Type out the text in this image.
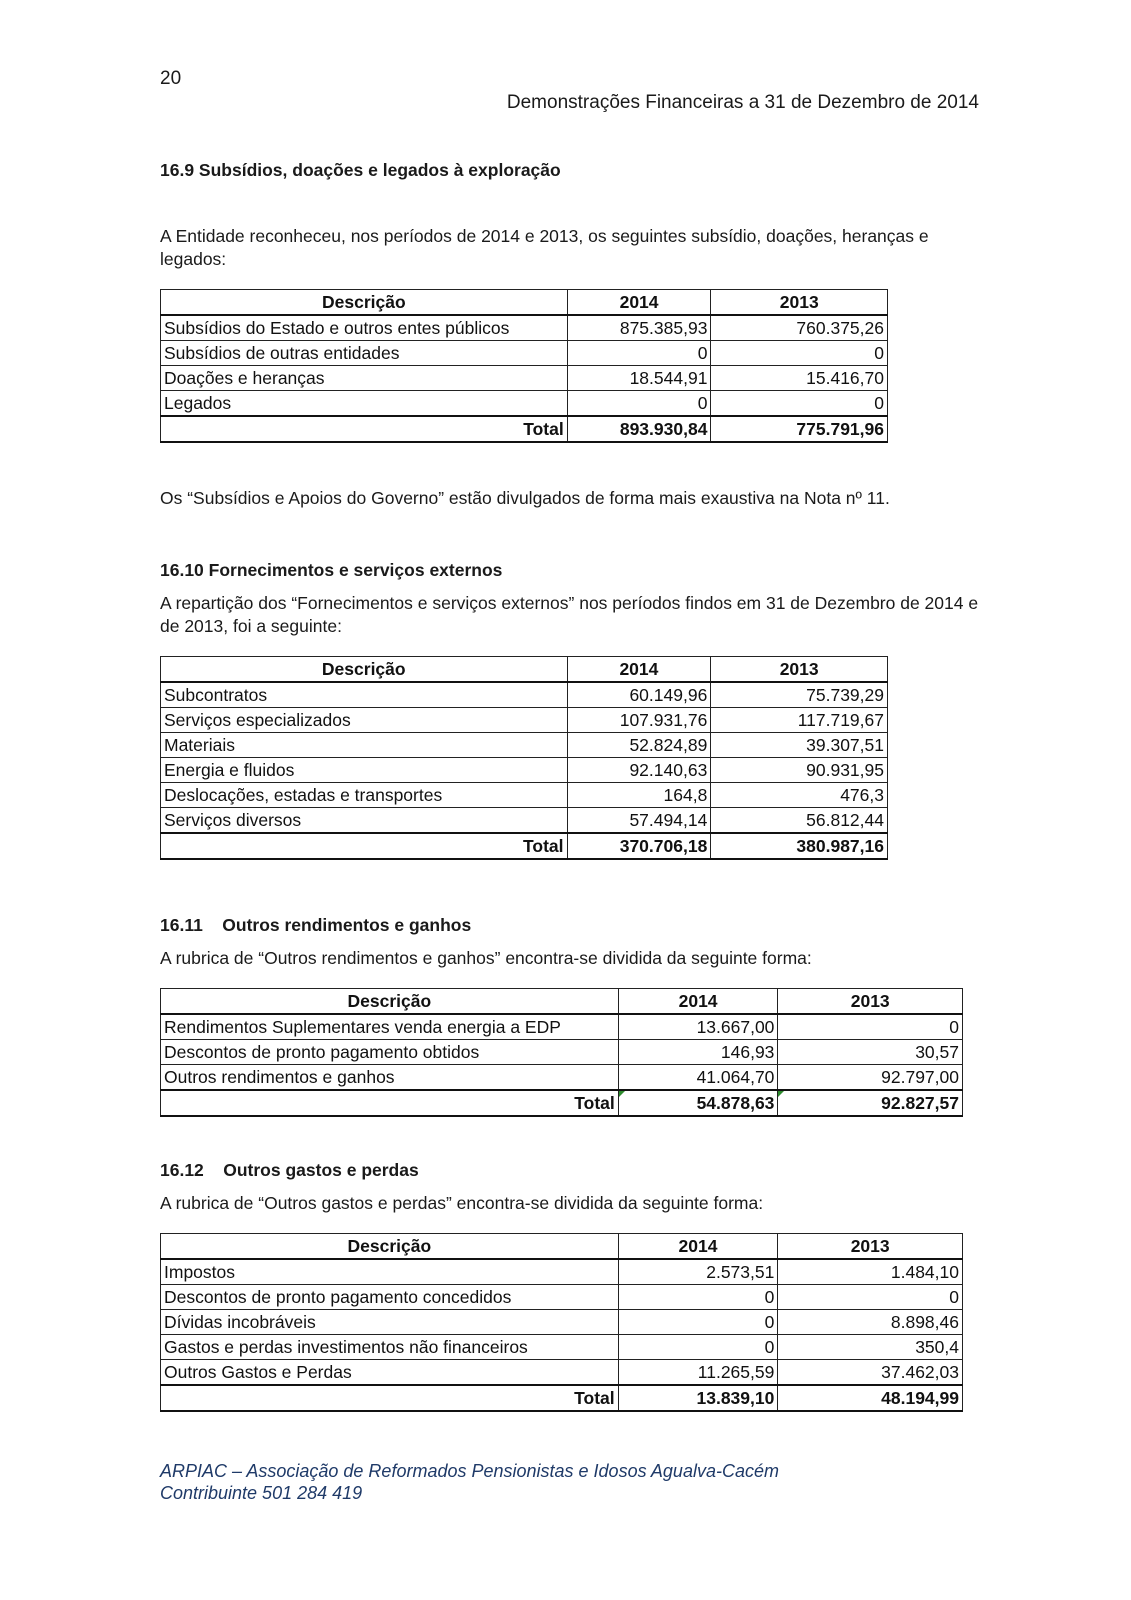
20
Demonstrações Financeiras a 31 de Dezembro de 2014
16.9 Subsídios, doações e legados à exploração
A Entidade reconheceu, nos períodos de 2014 e 2013, os seguintes subsídio, doações, heranças e legados:
Descrição	2014	2013
Subsídios do Estado e outros entes públicos	875.385,93	760.375,26
Subsídios de outras entidades	0	0
Doações e heranças	18.544,91	15.416,70
Legados	0	0
Total	893.930,84	775.791,96
Os “Subsídios e Apoios do Governo” estão divulgados de forma mais exaustiva na Nota nº 11.
16.10 Fornecimentos e serviços externos
A repartição dos “Fornecimentos e serviços externos” nos períodos findos em 31 de Dezembro de 2014 e de 2013, foi a seguinte:
Descrição	2014	2013
Subcontratos	60.149,96	75.739,29
Serviços especializados	107.931,76	117.719,67
Materiais	52.824,89	39.307,51
Energia e fluidos	92.140,63	90.931,95
Deslocações, estadas e transportes	164,8	476,3
Serviços diversos	57.494,14	56.812,44
Total	370.706,18	380.987,16
16.11    Outros rendimentos e ganhos
A rubrica de “Outros rendimentos e ganhos” encontra-se dividida da seguinte forma:
Descrição	2014	2013
Rendimentos Suplementares venda energia a EDP	13.667,00	0
Descontos de pronto pagamento obtidos	146,93	30,57
Outros rendimentos e ganhos	41.064,70	92.797,00
Total	54.878,63	92.827,57
16.12    Outros gastos e perdas
A rubrica de “Outros gastos e perdas” encontra-se dividida da seguinte forma:
Descrição	2014	2013
Impostos	2.573,51	1.484,10
Descontos de pronto pagamento concedidos	0	0
Dívidas incobráveis	0	8.898,46
Gastos e perdas investimentos não financeiros	0	350,4
Outros Gastos e Perdas	11.265,59	37.462,03
Total	13.839,10	48.194,99
ARPIAC – Associação de Reformados Pensionistas e Idosos Agualva-Cacém
Contribuinte 501 284 419
